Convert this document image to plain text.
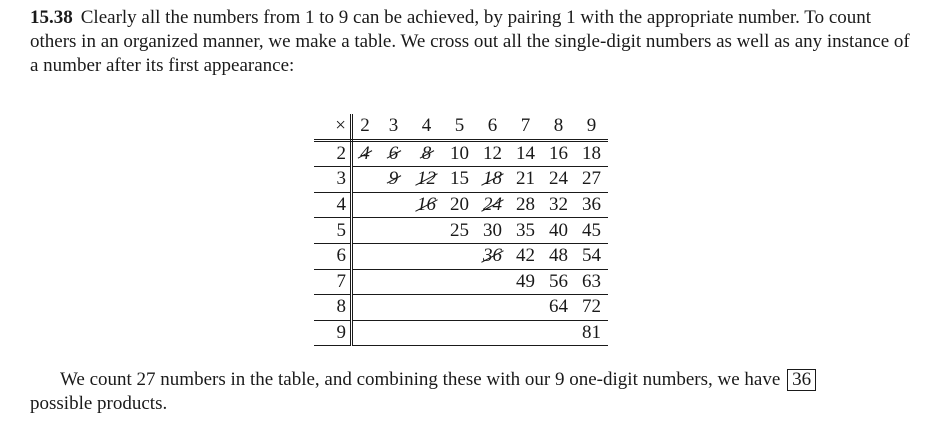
15.38 Clearly all the numbers from 1 to 9 can be achieved, by pairing 1 with the appropriate number. To count others in an organized manner, we make a table. We cross out all the single-digit numbers as well as any instance of a number after its first appearance:

×	2	3	4	5	6	7	8	9
2	4	6	8	10	12	14	16	18
3		9	12	15	18	21	24	27
4			16	20	24	28	32	36
5				25	30	35	40	45
6					36	42	48	54
7						49	56	63
8							64	72
9								81

We count 27 numbers in the table, and combining these with our 9 one-digit numbers, we have 36
possible products.
